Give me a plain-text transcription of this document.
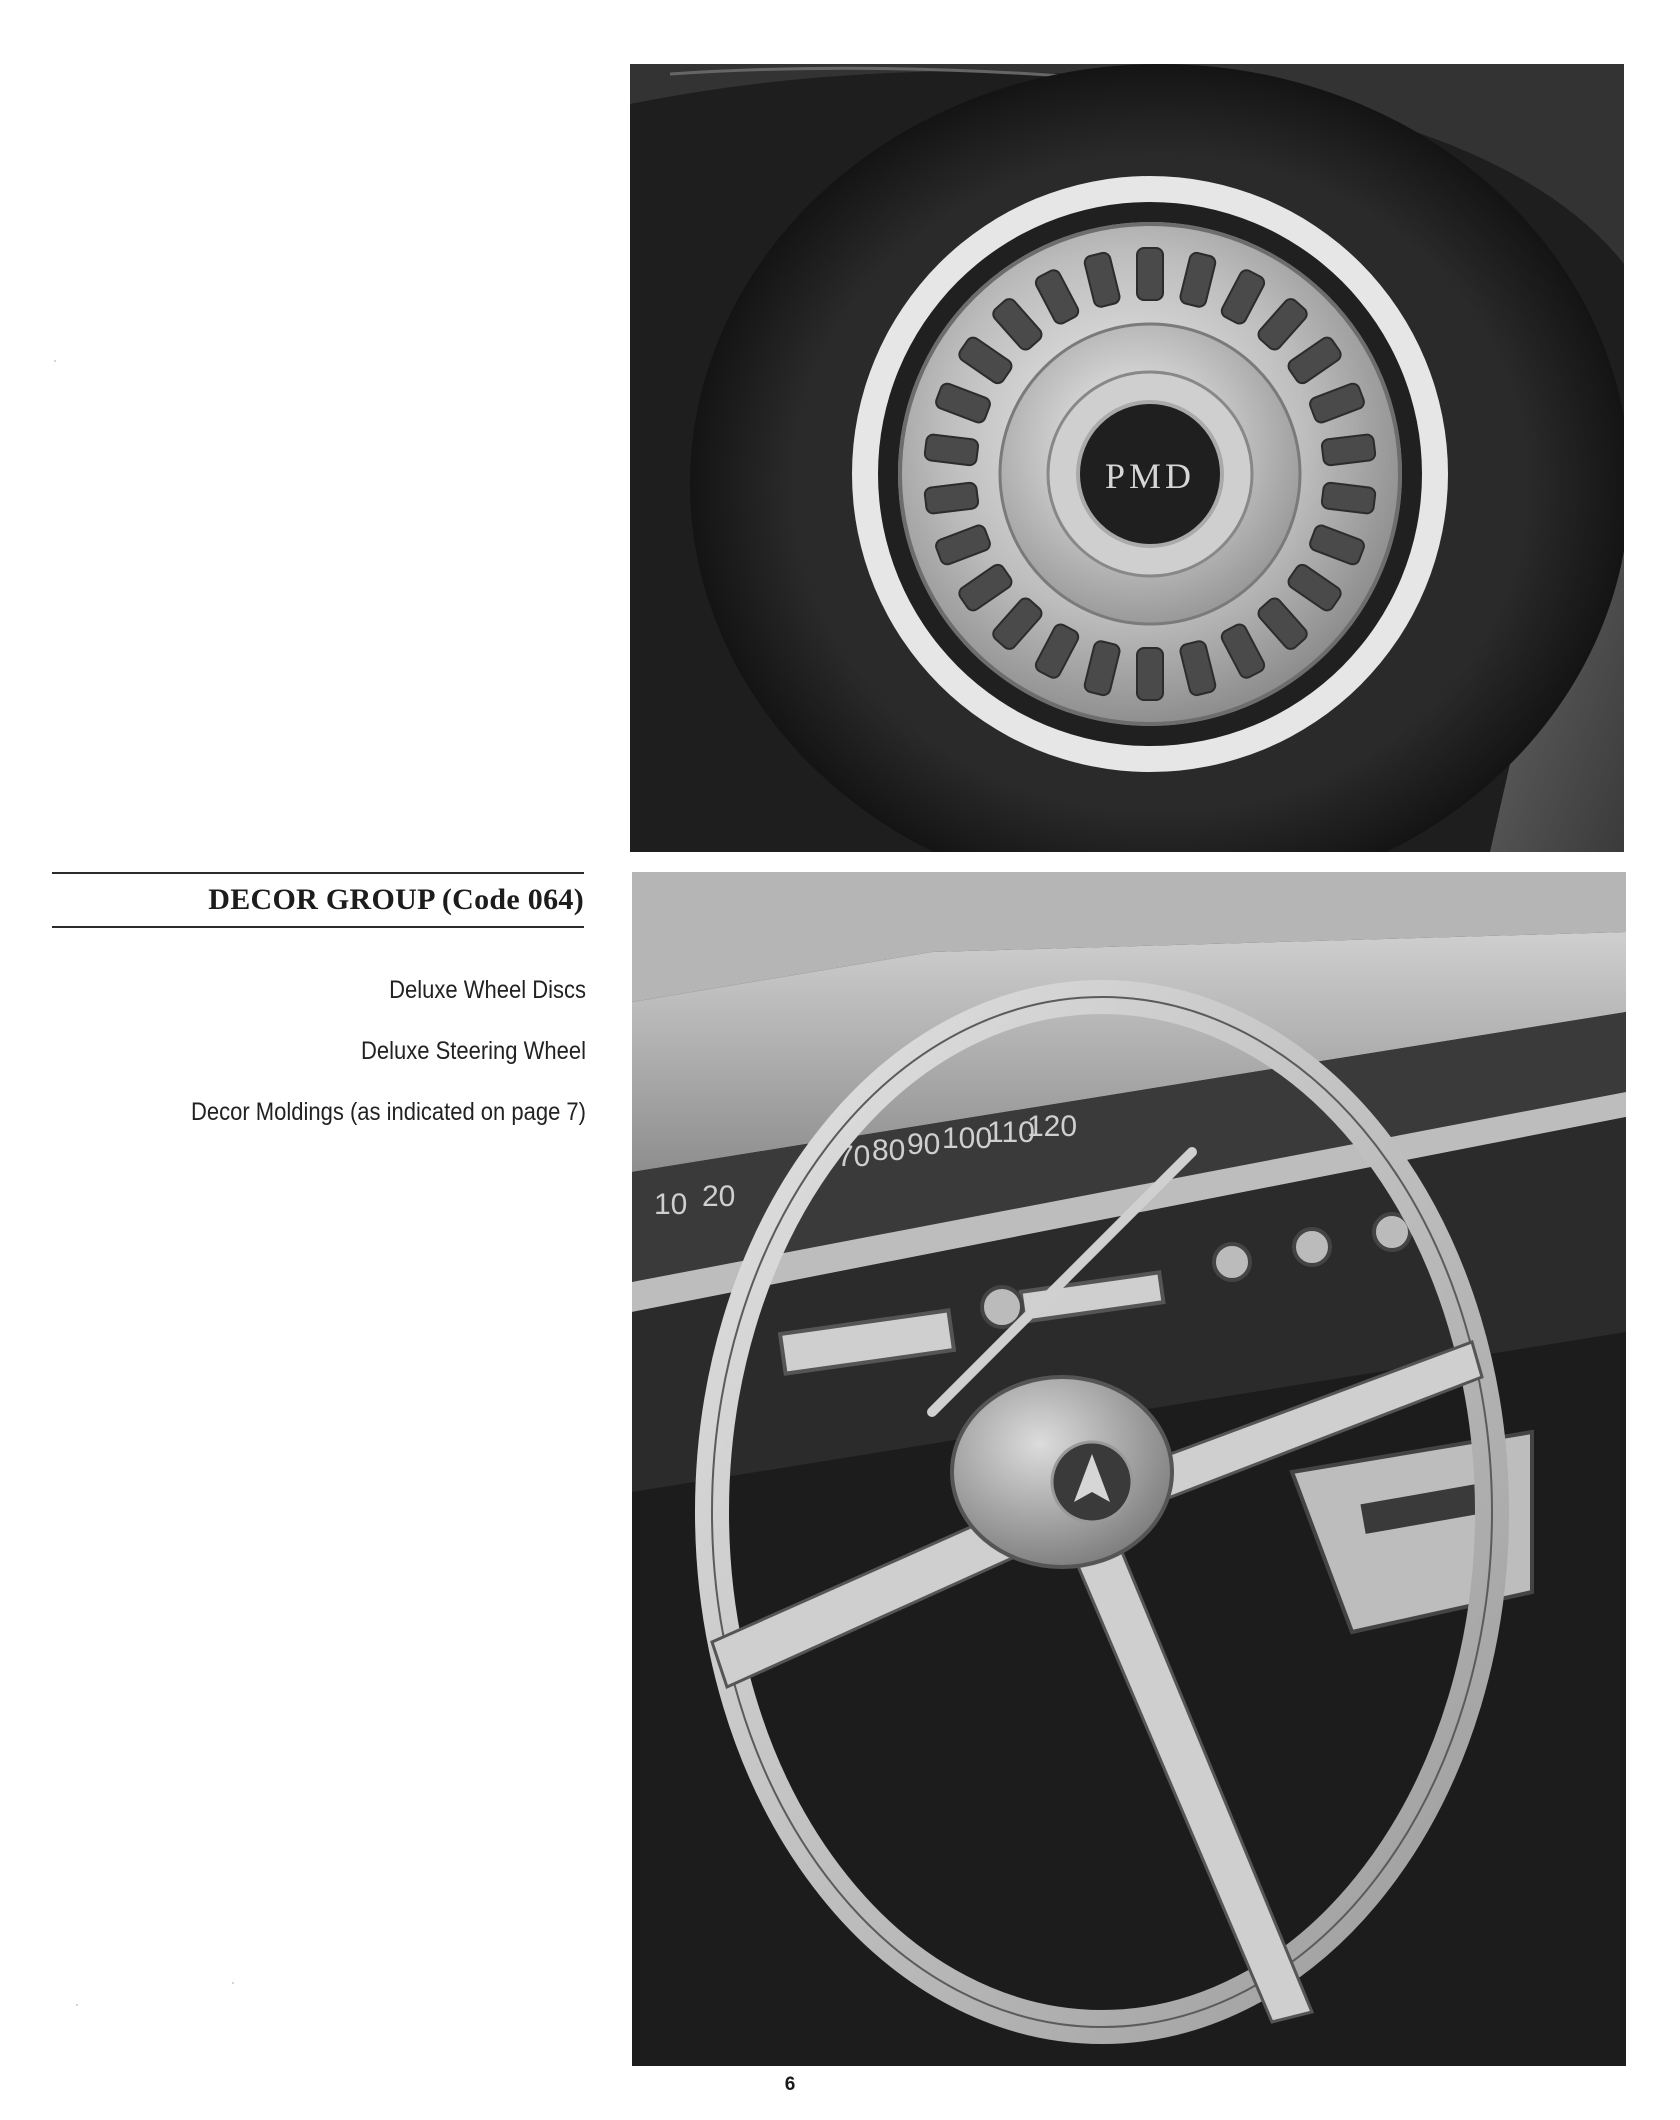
PMD
DECOR GROUP (Code 064)
Deluxe Wheel Discs
Deluxe Steering Wheel
Decor Moldings (as indicated on page 7)
10 20
60 70 80 90 100
110
120
6
